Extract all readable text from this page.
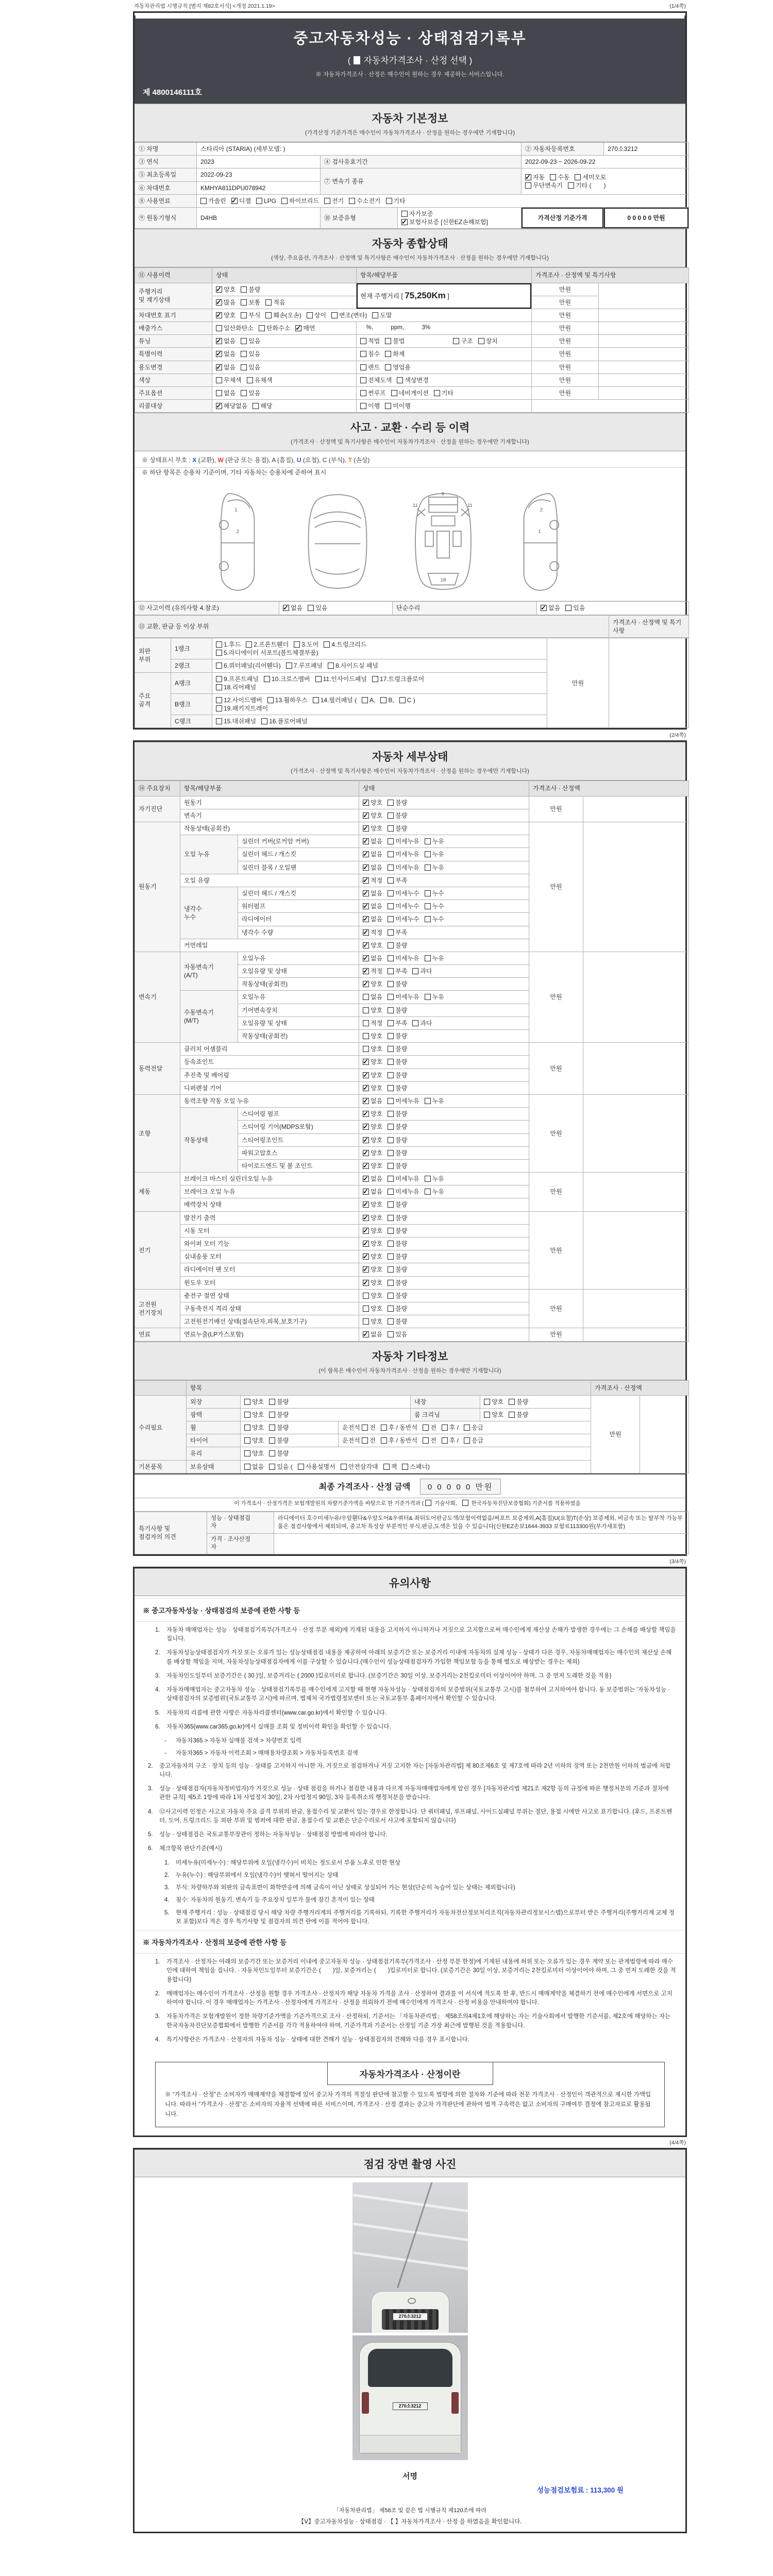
자동차관리법 시행규칙 [별지 제82호서식] <개정 2021.1.19>	(1/4쪽)
중고자동차성능 · 상태점검기록부
( 자동차가격조사 · 산정 선택 )
※ 자동차가격조사 · 산정은 매수인이 원하는 경우 제공하는 서비스입니다.
제 4800146111호
자동차 기본정보
(가격산정 기준가격은 매수인이 자동차가격조사 · 산정을 원하는 경우에만 기재합니다)
① 차명	스타리아 (STARIA) (세부모델: )			② 자동차등록번호	270소3212
③ 연식	2023	④ 검사유효기간		2022-09-23 ~ 2026-09-22	
⑤ 최초등록일	2022-09-23	⑦ 변속기 종류	✓자동수동세미오토
무단변속기기타 (　　)
⑥ 차대번호	KMHYA811DPU078942				
⑧ 사용연료	가솔린✓디젤LPG하이브리드전기수소전기기타
⑨ 원동기형식	D4HB	⑩ 보증유형	자가보증✓보험사보증 [신한EZ손해보험]	가격산정 기준가격	0 0 0 0 0 만원
자동차 종합상태
(색상, 주요옵션, 가격조사 · 산정액 및 특기사항은 매수인이 자동차가격조사 · 산정을 원하는 경우에만 기재합니다)
⑪ 사용이력	상태	항목/해당부품	가격조사 · 산정액 및 특기사항	
주행거리
및 계기상태	✓양호불량	현재 주행거리 [ 75,250Km ]	만원	
✓많음보통적음		만원	
차대번호 표기	✓양호부식훼손(오손)상이변조(변타)도말		만원	
배출가스	일산화탄소탄화수소✓매연	　%,　　　ppm,　　　3%	만원	
튜닝	✓없음있음	적법불법　　　　　　　구조장치	만원	
특별이력	✓없음있음	침수화재	만원	
용도변경	✓없음있음	렌트영업용	만원	
색상	무채색유채색	전체도색색상변경	만원	
주요옵션	없음있음	썬루프네비게이션기타	만원	
리콜대상	✓해당없음해당	이행미이행		
사고 · 교환 · 수리 등 이력
(가격조사 · 산정액 및 특기사항은 매수인이 자동차가격조사 · 산정을 원하는 경우에만 기재합니다)
※ 상태표시 부호 : X (교환), W (판금 또는 용접), A (흠집), U (요철), C (부식), T (손상)
※ 하단 항목은 승용차 기준이며, 기타 자동차는 승용차에 준하여 표시
1
2
11
9
11
18
2
1
⑫ 사고이력 (유의사항 4.참조)	✓없음있음	단순수리	✓없음있음
⑬ 교환, 판금 등 이상 부위	가격조사 · 산정액 및 특기사항
외판
부위	1랭크	1.후드2.프론트휀더3.도어4.트렁크리드
5.라디에이터 서포트(볼트체결부품)	만원	
	2랭크	6.쿼터패널(리어휀다)7.루프패널8.사이드실 패널		
주요
골격	A랭크	9.프론트패널10.크로스멤버11.인사이드패널17.트렁크플로어
18.리어패널		
	B랭크	12.사이드멤버13.휠하우스14.필러패널 ( A,B,C )
19.패키지트레이		
	C랭크	15.대쉬패널16.플로어패널		
(2/4쪽)
자동차 세부상태
(가격조사 · 산정액 및 특기사항은 매수인이 자동차가격조사 · 산정을 원하는 경우에만 기재합니다)
⑭ 주요장치	항목/해당부품		상태	가격조사 · 산정액	
자기진단	원동기	✓양호불량	만원	
	변속기	✓양호불량
원동기	작동상태(공회전)	✓양호불량	만원	
	오일 누유	실린더 커버(로커암 커버)	✓없음미세누유누유
		실린더 헤드 / 개스킷	✓없음미세누유누유
		실린더 블록 / 오일팬	✓없음미세누유누유
	오일 유량	✓적정부족
	냉각수
누수	실린더 헤드 / 개스킷	✓없음미세누수누수
		워터펌프	✓없음미세누수누수
		라디에이터	✓없음미세누수누수
		냉각수 수량	✓적정부족
	커먼레일	✓양호불량
변속기	자동변속기
(A/T)	오일누유	✓없음미세누유누유	만원	
		오일유량 및 상태	✓적정부족과다
		작동상태(공회전)	✓양호불량
	수동변속기
(M/T)	오일누유	없음미세누유누유		
		기어변속장치	양호불량		
		오일유량 및 상태	적정부족과다		
		작동상태(공회전)	양호불량		
동력전달	클러치 어셈블리		양호불량	만원	
	등속죠인트	✓양호불량
	추진축 및 베어링	✓양호불량
	디퍼렌셜 기어	✓양호불량
조향	동력조향 작동 오일 누유	✓없음미세누유누유	만원	
	작동상태	스티어링 펌프	✓양호불량
		스티어링 기어(MDPS포함)	✓양호불량
		스티어링조인트	✓양호불량
		파워고압호스	✓양호불량
		타이로드엔드 및 볼 조인트	✓양호불량
제동	브레이크 마스터 실린더오일 누유	✓없음미세누유누유	만원	
	브레이크 오일 누유	✓없음미세누유누유
	배력장치 상태	✓양호불량
전기	발전기 출력	✓양호불량	만원	
	시동 모터	✓양호불량
	와이퍼 모터 기능	✓양호불량
	실내송풍 모터	✓양호불량
	라디에이터 팬 모터	✓양호불량
	윈도우 모터	✓양호불량
고전원
전기장치	충전구 절연 상태		양호불량	만원	
	구동축전지 격리 상태		양호불량		
	고전원전기배선 상태(접속단자,피복,보호기구)		양호불량		
연료	연료누출(LP가스포함)	✓없음있음	만원	
자동차 기타정보
(이 항목은 매수인이 자동차가격조사 · 산정을 원하는 경우에만 기재합니다)
	항목					가격조사 · 산정액	
수리필요	외장	양호불량		내장	양호불량	만원	
	광택	양호불량		룸 크리닝	양호불량		
	휠	양호불량	운전석 전후 / 동반석전후 /응급				
	타이어	양호불량	운전석 전후 / 동반석전후 /응급				
	유리	양호불량					
기본품목	보유상태	없음있음 ( 사용설명서안전삼각대잭스패너)					
최종 가격조사 · 산정 금액 0 0 0 0 0 만원
이 가격조사 · 산정가격은 보험개발원의 차량기준가액을 바탕으로 한 기준가격과 (  기술사회, 한국자동차진단보증협회) 기준서를 적용하였음
특기사항 및
점검자의 의견	성능 · 상태점검
자	라디에이터 호수미세누유/우앞휀다&우앞도어&우쿼터& 좌뒤도어판금도색/보험이력없음/써포트 보증제외,A(흠집)U(요철)T(손상) 보증제외, 비금속 또는 탈부착 가능부품은 점검사항에서 제외되며, 중고차 특성상 부분적인 부식,판금,도색은 있을 수 있습니다(신한EZ손보1644-3933 보험료113300원(부가세포함)
	가격 · 조사산정
자	
(3/4쪽)
유의사항
※ 중고자동차성능 · 상태점검의 보증에 관한 사항 등
1.	자동차 매매업자는 성능 · 상태점검기록부(가격조사 · 산정 부분 제외)에 기재된 내용을 고지하지 아니하거나 거짓으로 고지함으로써 매수인에게 재산상 손해가 발생한 경우에는 그 손해를 배상할 책임을 집니다.
2.	자동차성능상태점검자가 거짓 또는 오류가 있는 성능상태점검 내용을 제공하여 아래의 보증기간 또는 보증거리 이내에 자동차의 실제 성능 · 상태가 다른 경우, 자동차매매업자는 매수인의 재산상 손해를 배상할 책임을 지며, 자동차성능상태점검자에게 이를 구상할 수 있습니다.(매수인이 성능상태점검자가 가입한 책임보험 등을 통해 별도로 배상받는 경우는 제외)
3.	자동차인도일부터 보증기간은 ( 30 )일, 보증거리는 ( 2000 )킬로미터로 합니다. (보증기간은 30일 이상, 보증거리는 2천킬로미터 이상이어야 하며, 그 중 먼저 도래한 것을 적용)
4.	자동차매매업자는 중고자동차 성능 · 상태점검기록부를 매수인에게 고지할 때 현행 자동차성능 · 상태점검자의 보증범위(국토교통부 고시)를 첨부하여 고지하여야 합니다. 동 보증범위는 '자동차성능 · 상태점검자의 보증범위'(국토교통부 고시)에 따르며, 법제처 국가법령정보센터 또는 국토교통부 홈페이지에서 확인할 수 있습니다.
5.	자동차의 리콜에 관한 사항은 자동차리콜센터(www.car.go.kr)에서 확인할 수 있습니다.
6.	자동차365(www.car365.go.kr)에서 실매물 조회 및 정비이력 확인을 확인할 수 있습니다.
-	자동차365 > 자동차 실매물 검색 > 차량번호 입력
-	자동차365 > 자동차 이력조회 > 매매용차량조회 > 자동차등록번호 검색
2.	중고자동차의 구조 · 장치 등의 성능 · 상태를 고지하지 아니한 자, 거짓으로 점검하거나 거짓 고지한 자는 [자동차관리법] 제 80조제6호 및 제7호에 따라 2년 이하의 징역 또는 2천만원 이하의 벌금에 처합니다.
3.	성능 · 상태점검자(자동차정비업자)가 거짓으로 성능 · 상태 점검을 하거나 점검한 내용과 다르게 자동차매매업자에게 알린 경우 [자동차관리법 제21조 제2항 등의 규정에 따른 행정처분의 기준과 절차에 관한 규칙] 제5조 1항에 따라 1차 사업정지 30일, 2차 사업정지 90일, 3차 등록취소의 행정처분을 받습니다.
4.	⑫사고이력 인정은 사고로 자동차 주요 골격 부위의 판금, 용접수리 및 교환이 있는 경우로 한정합니다. 단 쿼터패널, 루프패널, 사이드실패널 부위는 절단, 용접 시에만 사고로 표기합니다. (후드, 프론트펜더, 도어, 트렁크리드 등 외판 부위 및 범퍼에 대한 판금, 용접수리 및 교환은 단순수리로서 사고에 포함되지 않습니다)
5.	성능 · 상태점검은 국토교통부장관이 정하는 자동차성능 · 상태점검 방법에 따라야 합니다.
6.	체크항목 판단기준(예시)
1.	미세누유(미세누수) : 해당부위에 오일(냉각수)이 비치는 정도로서 부품 노후로 인한 현상
2.	누유(누수) : 해당부위에서 오일(냉각수)이 맺혀서 떨어지는 상태
3.	부식: 차량하부와 외판의 금속표면이 화학반응에 의해 금속이 아닌 상태로 상실되어 가는 현상(단순히 녹슬어 있는 상태는 제외합니다)
4.	침수: 자동차의 원동기, 변속기 등 주요장치 일부가 물에 잠긴 흔적이 있는 상태
5.	현재 주행거리 : 성능 · 상태점검 당시 해당 차량 주행거리계의 주행거리를 기록하되, 기록한 주행거리가 자동차전산정보처리조직(자동차관리정보시스템)으로부터 받은 주행거리(주행거리계 교체 정보 포함)보다 적은 경우 특기사항 및 점검자의 의견 란에 이를 적어야 합니다.
※ 자동차가격조사 · 산정의 보증에 관한 사항 등
1.	가격조사 · 산정자는 아래의 보증기간 또는 보증거리 이내에 중고자동차 성능 · 상태점검기록부(가격조사 · 산정 부분 한정)에 기재된 내용에 허위 또는 오류가 있는 경우 계약 또는 관계법령에 따라 매수인에 대하여 책임을 집니다. · 자동차인도일부터 보증기간은 (　　)일, 보증거리는 (　　)킬로미터로 합니다. (보증기간은 30일 이상, 보증거리는 2천킬로미터 이상이어야 하며, 그 중 먼저 도래한 것을 적용합니다)
2.	매매업자는 매수인이 가격조사 · 산정을 원할 경우 가격조사 · 산정자가 해당 자동차 가격을 조사 · 산정하여 결과를 이 서식에 적도록 한 후, 반드시 매매계약을 체결하기 전에 매수인에게 서면으로 고지하여야 합니다. 이 경우 매매업자는 가격조사 · 산정자에게 가격조사 · 산정을 의뢰하기 전에 매수인에게 가격조사 · 산정 비용을 안내하여야 합니다.
3.	자동차가격은 보험개발원이 정한 차량기준가액을 기준가격으로 조사 · 산정하되, 기준서는 「자동차관리법」 제58조의4제1호에 해당하는 자는 기술사회에서 발행한 기준서를, 제2호에 해당하는 자는 한국자동차진단보증협회에서 발행한 기준서를 각각 적용하여야 하며, 기준가격과 기준서는 산정일 기준 가장 최근에 발행된 것을 적용합니다.
4.	특기사항란은 가격조사 · 산정자의 자동차 성능 · 상태에 대한 견해가 성능 · 상태점검자의 견해와 다를 경우 표시합니다.
자동차가격조사 · 산정이란
※ “가격조사 · 산정”은 소비자가 매매계약을 체결함에 있어 중고차 가격의 적절성 판단에 참고할 수 있도록 법령에 의한 절차와 기준에 따라 전문 가격조사 · 산정인이 객관적으로 제시한 가액입니다. 따라서 “가격조사 · 산정”은 소비자의 자율적 선택에 따른 서비스이며, 가격조사 · 산정 결과는 중고차 가격판단에 관하여 법적 구속력은 없고 소비자의 구매여부 결정에 참고자료로 활용됩니다.
(4/4쪽)
점검 장면 촬영 사진
270소3212
270소3212
서명
성능점검보험료 : 113,300 원
「자동차관리법」 제58조 및 같은 법 시행규칙 제120조에 따라
【Ⅴ】중고자동차성능 · 상태점검 · 【 】자동차가격조사 · 산정 을 하였음을 확인합니다.
